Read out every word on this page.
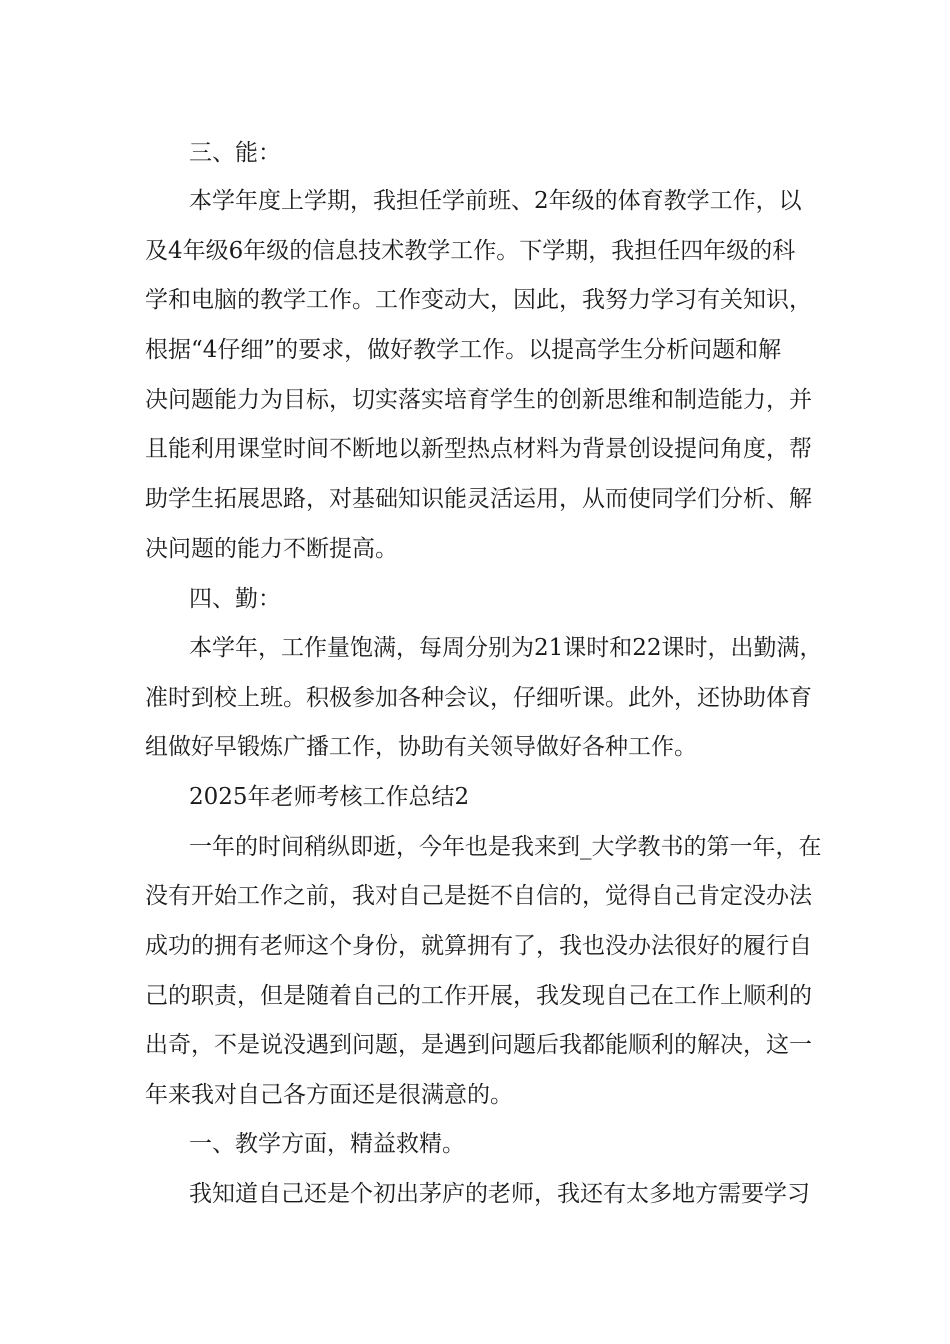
三、能：
本学年度上学期，我担任学前班、2年级的体育教学工作，以
及4年级6年级的信息技术教学工作。下学期，我担任四年级的科
学和电脑的教学工作。工作变动大，因此，我努力学习有关知识，
根据“4仔细”的要求，做好教学工作。以提高学生分析问题和解
决问题能力为目标，切实落实培育学生的创新思维和制造能力，并
且能利用课堂时间不断地以新型热点材料为背景创设提问角度，帮
助学生拓展思路，对基础知识能灵活运用，从而使同学们分析、解
决问题的能力不断提高。
四、勤：
本学年，工作量饱满，每周分别为21课时和22课时，出勤满，
准时到校上班。积极参加各种会议，仔细听课。此外，还协助体育
组做好早锻炼广播工作，协助有关领导做好各种工作。
2025年老师考核工作总结2
一年的时间稍纵即逝，今年也是我来到_大学教书的第一年，在
没有开始工作之前，我对自己是挺不自信的，觉得自己肯定没办法
成功的拥有老师这个身份，就算拥有了，我也没办法很好的履行自
己的职责，但是随着自己的工作开展，我发现自己在工作上顺利的
出奇，不是说没遇到问题，是遇到问题后我都能顺利的解决，这一
年来我对自己各方面还是很满意的。
一、教学方面，精益救精。
我知道自己还是个初出茅庐的老师，我还有太多地方需要学习
